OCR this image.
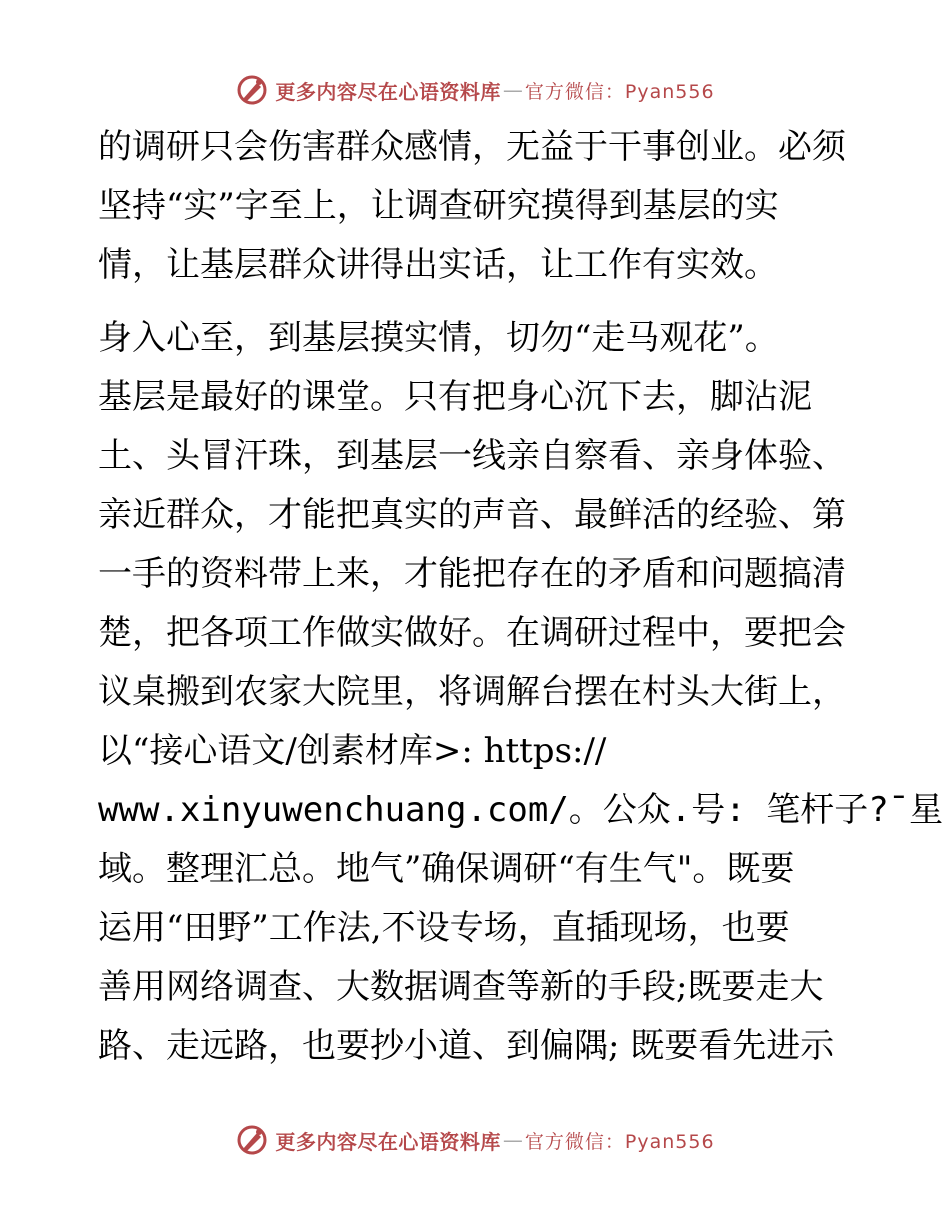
更多内容尽在心语资料库 — 官方微信：Pyan556
的调研只会伤害群众感情，无益于干事创业。必须
坚持“实”字至上，让调查研究摸得到基层的实
情，让基层群众讲得出实话，让工作有实效。
身入心至，到基层摸实情，切勿“走马观花”。
基层是最好的课堂。只有把身心沉下去，脚沾泥
土、头冒汗珠，到基层一线亲自察看、亲身体验、
亲近群众，才能把真实的声音、最鲜活的经验、第
一手的资料带上来，才能把存在的矛盾和问题搞清
楚，把各项工作做实做好。在调研过程中，要把会
议桌搬到农家大院里，将调解台摆在村头大街上，
以“接心语文/创素材库>: https://
www.xinyuwenchuang.com/。公众.号: 笔杆子?¯星
域。整理汇总。地气”确保调研“有生气"。既要
运用“田野”工作法,不设专场，直插现场，也要
善用网络调查、大数据调查等新的手段;既要走大
路、走远路，也要抄小道、到偏隅; 既要看先进示
更多内容尽在心语资料库 — 官方微信：Pyan556
